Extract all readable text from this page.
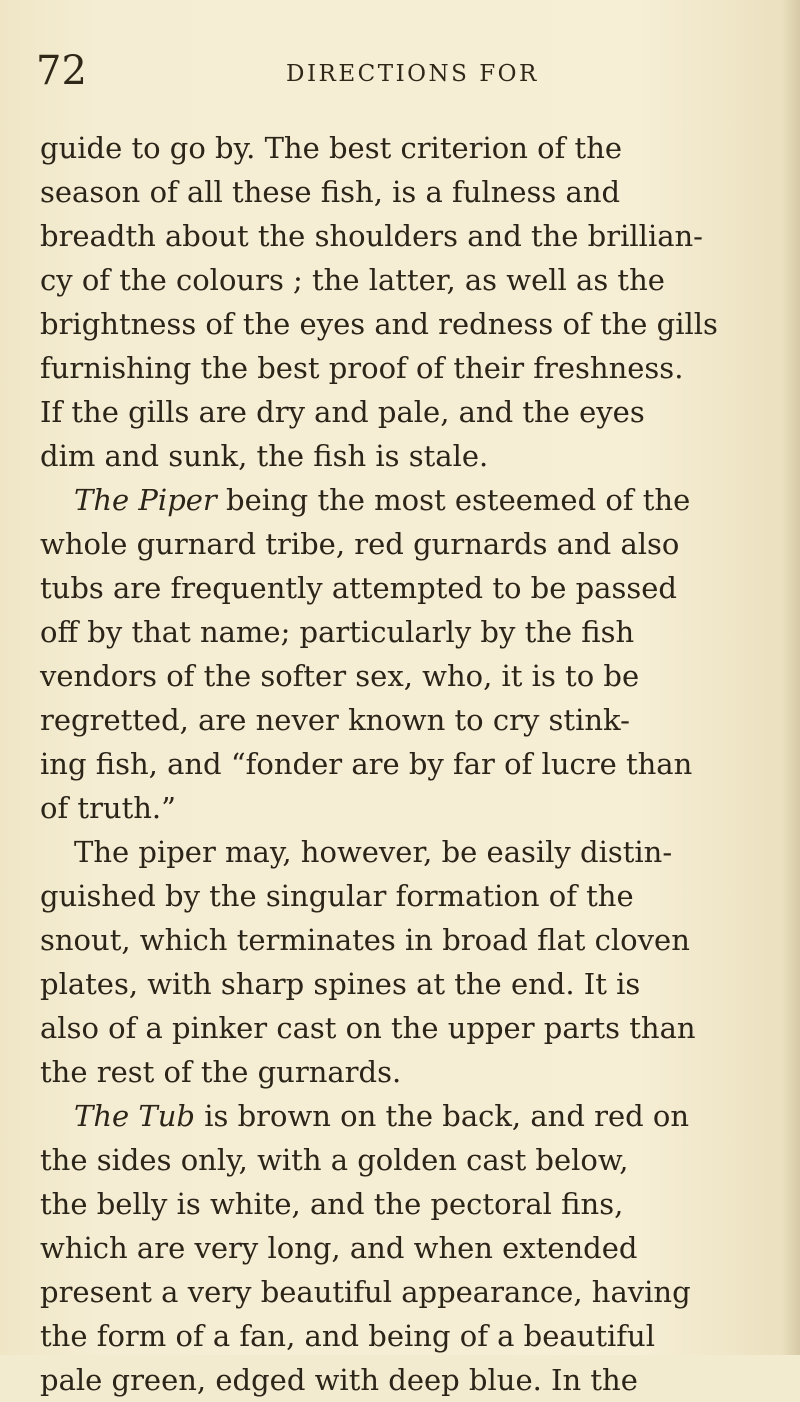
72	DIRECTIONS FOR
guide to go by. The best criterion of the
season of all these fish, is a fulness and
breadth about the shoulders and the brillian-
cy of the colours ; the latter, as well as the
brightness of the eyes and redness of the gills
furnishing the best proof of their freshness.
If the gills are dry and pale, and the eyes
dim and sunk, the fish is stale.
The Piper being the most esteemed of the
whole gurnard tribe, red gurnards and also
tubs are frequently attempted to be passed
off by that name; particularly by the fish
vendors of the softer sex, who, it is to be
regretted, are never known to cry stink-
ing fish, and “fonder are by far of lucre than
of truth.”
The piper may, however, be easily distin-
guished by the singular formation of the
snout, which terminates in broad flat cloven
plates, with sharp spines at the end. It is
also of a pinker cast on the upper parts than
the rest of the gurnards.
The Tub is brown on the back, and red on
the sides only, with a golden cast below,
the belly is white, and the pectoral fins,
which are very long, and when extended
present a very beautiful appearance, having
the form of a fan, and being of a beautiful
pale green, edged with deep blue. In the
